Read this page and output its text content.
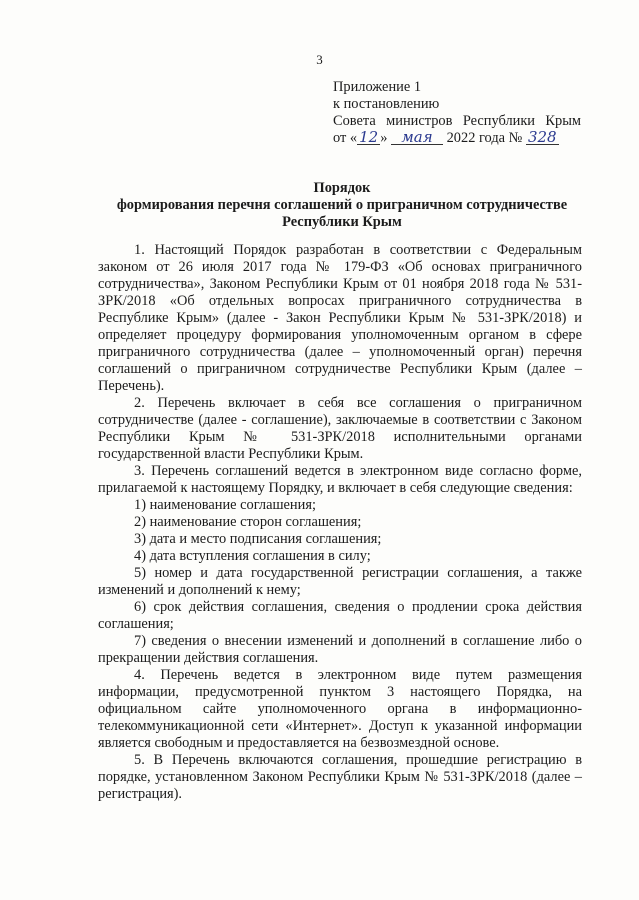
3
Приложение 1
к постановлению
Совета министров Республики Крым
от « 12 » мая 2022 года № 328
Порядок
формирования перечня соглашений о приграничном сотрудничестве
Республики Крым

1. Настоящий Порядок разработан в соответствии с Федеральным законом от 26 июля 2017 года № 179-ФЗ «Об основах приграничного сотрудничества», Законом Республики Крым от 01 ноября 2018 года № 531-ЗРК/2018 «Об отдельных вопросах приграничного сотрудничества в Республике Крым» (далее - Закон Республики Крым № 531-ЗРК/2018) и определяет процедуру формирования уполномоченным органом в сфере приграничного сотрудничества (далее – уполномоченный орган) перечня соглашений о приграничном сотрудничестве Республики Крым (далее – Перечень).

2. Перечень включает в себя все соглашения о приграничном сотрудничестве (далее - соглашение), заключаемые в соответствии с Законом Республики Крым № 531-ЗРК/2018 исполнительными органами государственной власти Республики Крым.

3. Перечень соглашений ведется в электронном виде согласно форме, прилагаемой к настоящему Порядку, и включает в себя следующие сведения:

1) наименование соглашения;

2) наименование сторон соглашения;

3) дата и место подписания соглашения;

4) дата вступления соглашения в силу;

5) номер и дата государственной регистрации соглашения, а также изменений и дополнений к нему;

6) срок действия соглашения, сведения о продлении срока действия соглашения;

7) сведения о внесении изменений и дополнений в соглашение либо о прекращении действия соглашения.

4. Перечень ведется в электронном виде путем размещения информации, предусмотренной пунктом 3 настоящего Порядка, на официальном сайте уполномоченного органа в информационно-телекоммуникационной сети «Интернет». Доступ к указанной информации является свободным и предоставляется на безвозмездной основе.

5. В Перечень включаются соглашения, прошедшие регистрацию в порядке, установленном Законом Республики Крым № 531-ЗРК/2018 (далее – регистрация).
